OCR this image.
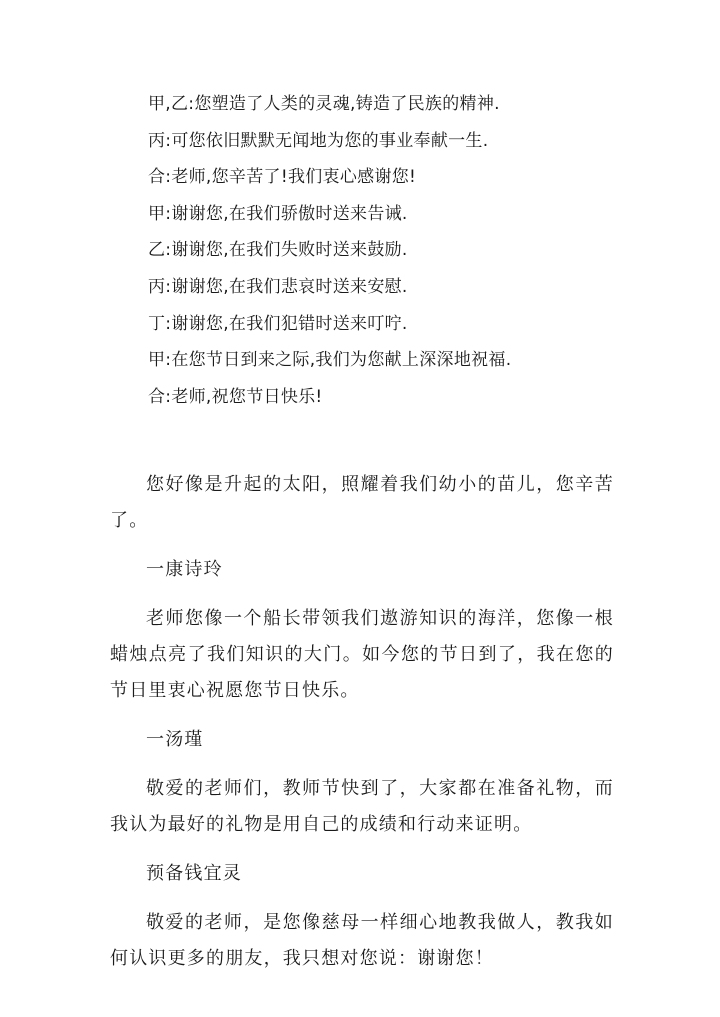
甲,乙:您塑造了人类的灵魂,铸造了民族的精神.
丙:可您依旧默默无闻地为您的事业奉献一生.
合:老师,您辛苦了!我们衷心感谢您!
甲:谢谢您,在我们骄傲时送来告诫.
乙:谢谢您,在我们失败时送来鼓励.
丙:谢谢您,在我们悲哀时送来安慰.
丁:谢谢您,在我们犯错时送来叮咛.
甲:在您节日到来之际,我们为您献上深深地祝福.
合:老师,祝您节日快乐!

您好像是升起的太阳，照耀着我们幼小的苗儿，您辛苦了。

一康诗玲

老师您像一个船长带领我们遨游知识的海洋，您像一根蜡烛点亮了我们知识的大门。如今您的节日到了，我在您的节日里衷心祝愿您节日快乐。

一汤瑾

敬爱的老师们，教师节快到了，大家都在准备礼物，而我认为最好的礼物是用自己的成绩和行动来证明。

预备钱宜灵

敬爱的老师，是您像慈母一样细心地教我做人，教我如何认识更多的朋友，我只想对您说：谢谢您！
